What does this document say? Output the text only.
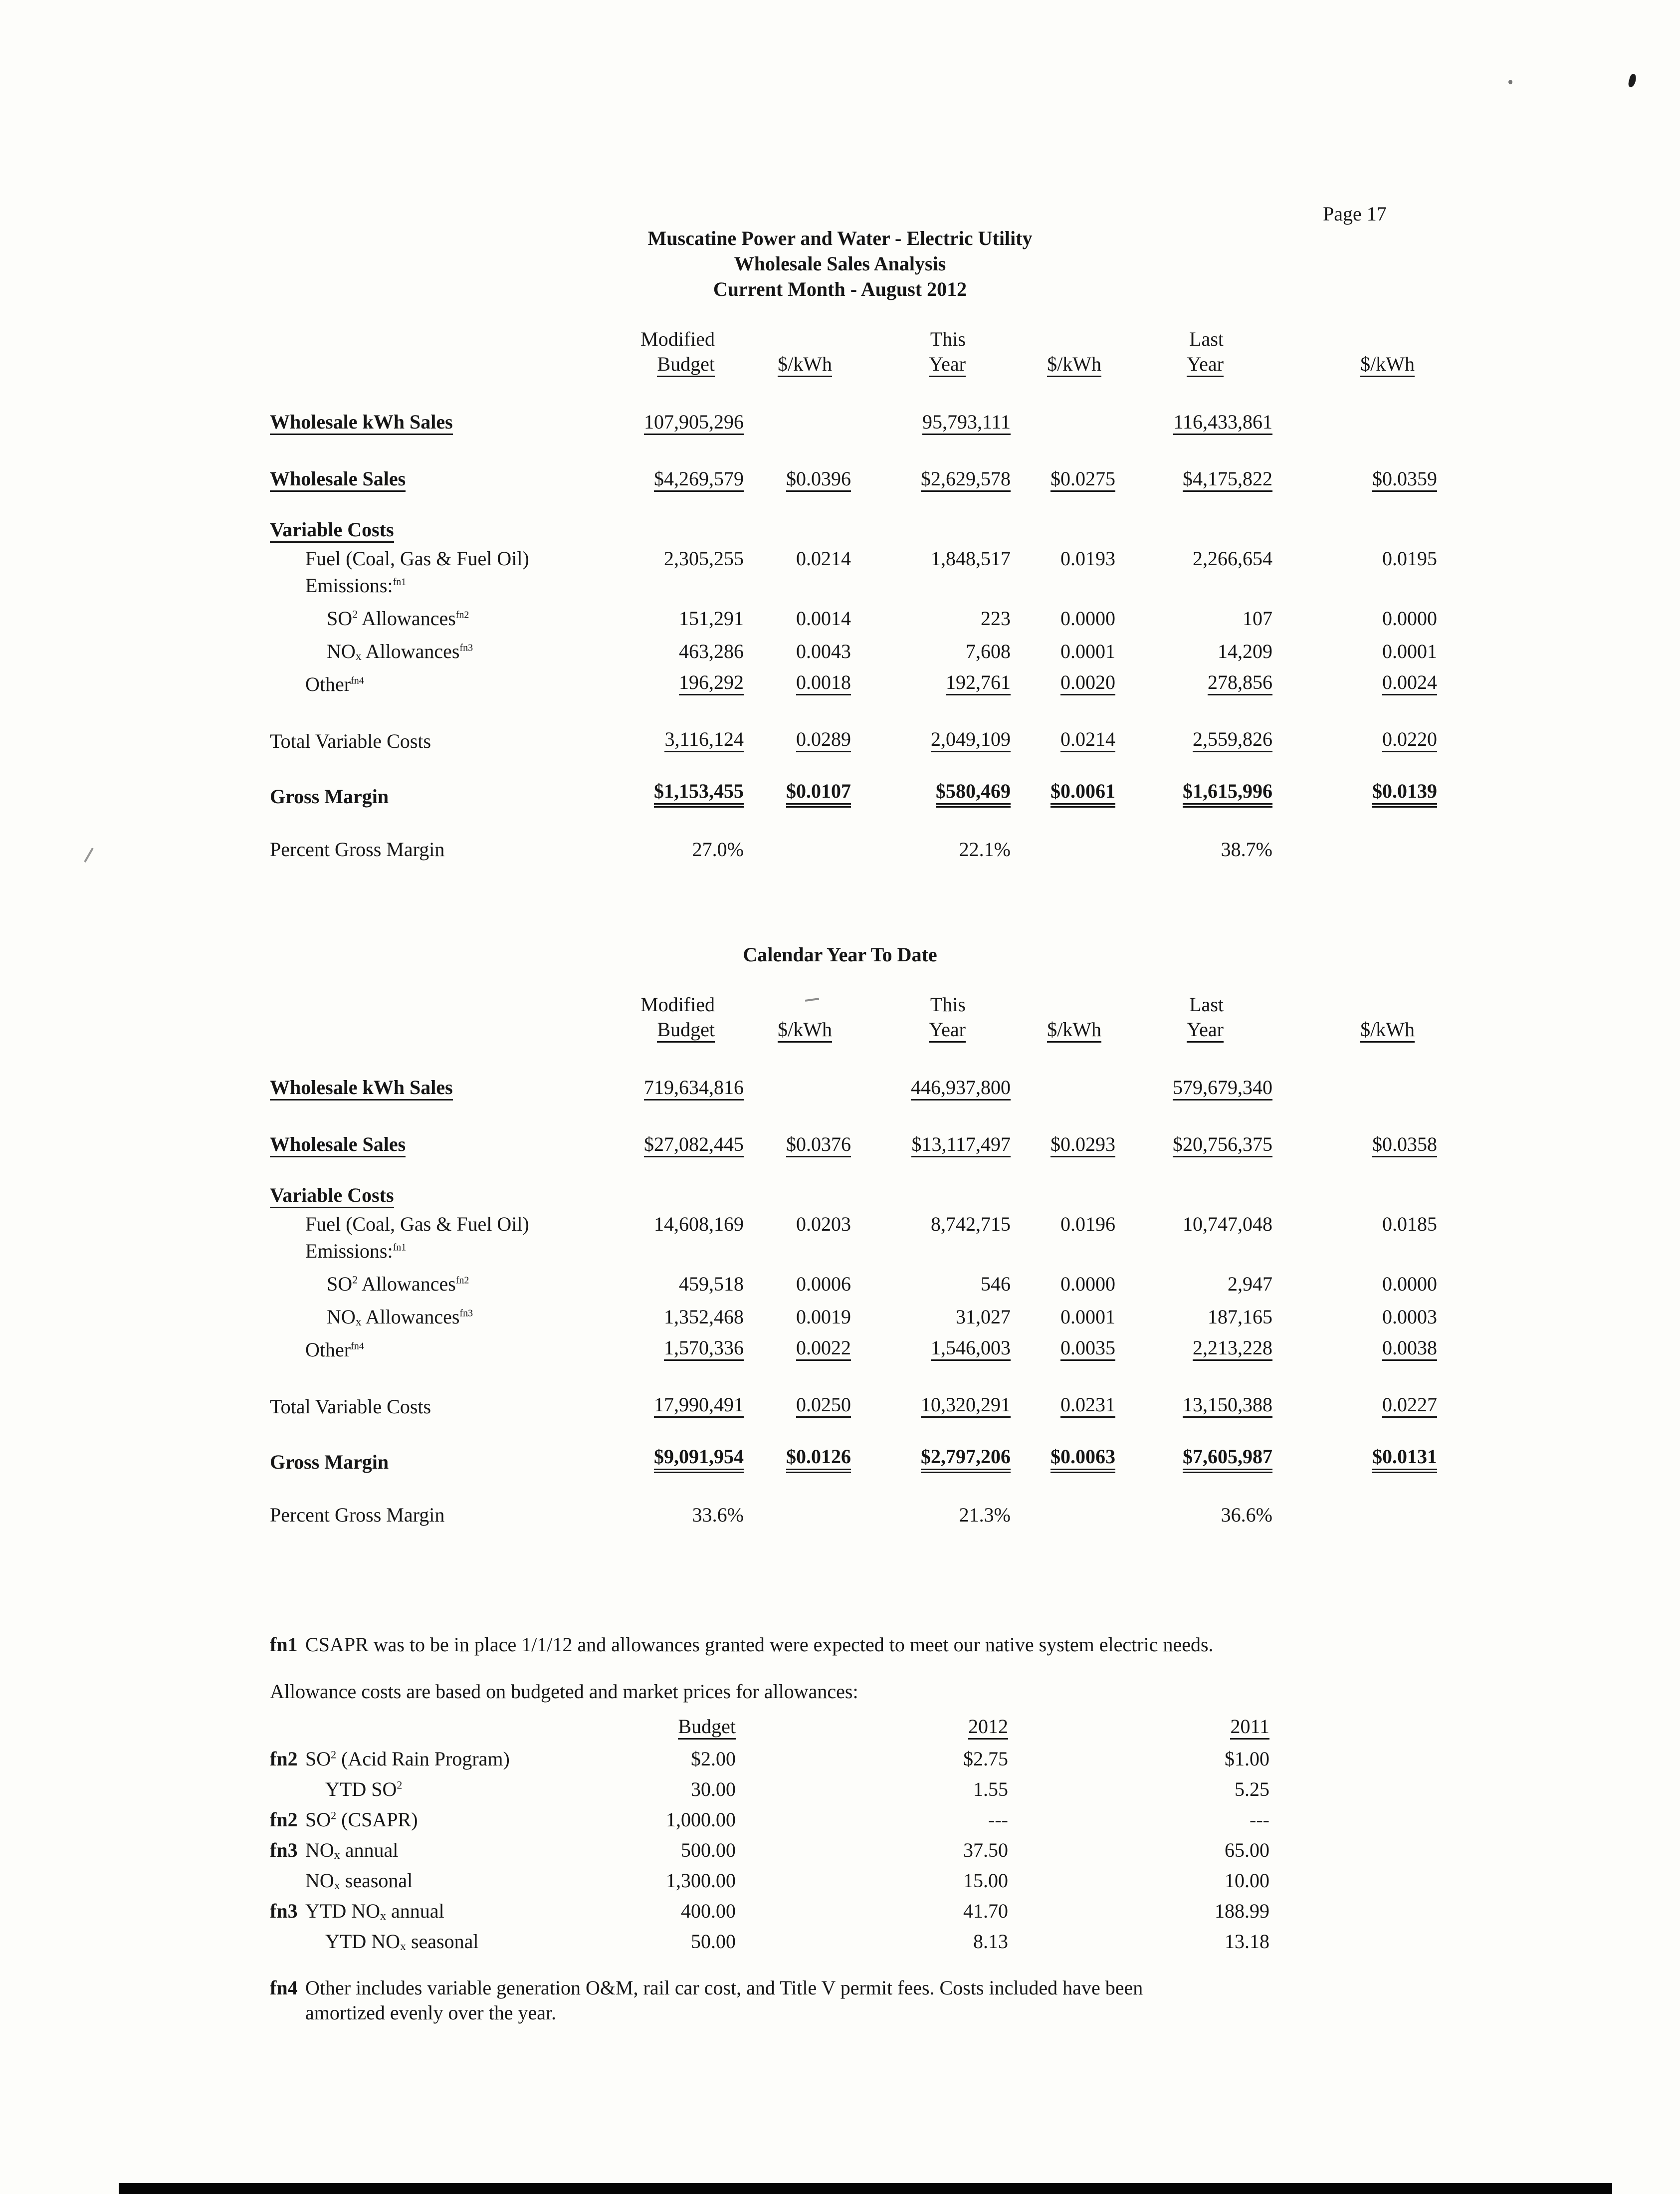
Page 17
Muscatine Power and Water - Electric Utility
Wholesale Sales Analysis
Current Month - August 2012
	Modified		This		Last	
	Budget	$/kWh	Year	$/kWh	Year	$/kWh

Wholesale kWh Sales	107,905,296		95,793,111		116,433,861	

Wholesale Sales	$4,269,579	$0.0396	$2,629,578	$0.0275	$4,175,822	$0.0359

Variable Costs						
Fuel (Coal, Gas & Fuel Oil)	2,305,255	0.0214	1,848,517	0.0193	2,266,654	0.0195
Emissions:$^{fn1}$	
$SO^2$ Allowances$^{fn2}$	151,291	0.0014	223	0.0000	107	0.0000
$NO_x$ Allowances$^{fn3}$	463,286	0.0043	7,608	0.0001	14,209	0.0001
Other$^{fn4}$	196,292	0.0018	192,761	0.0020	278,856	0.0024

Total Variable Costs	3,116,124	0.0289	2,049,109	0.0214	2,559,826	0.0220

Gross Margin	$1,153,455	$0.0107	$580,469	$0.0061	$1,615,996	$0.0139

Percent Gross Margin	27.0%		22.1%		38.7%	
Calendar Year To Date
	Modified		This		Last	
	Budget	$/kWh	Year	$/kWh	Year	$/kWh

Wholesale kWh Sales	719,634,816		446,937,800		579,679,340	

Wholesale Sales	$27,082,445	$0.0376	$13,117,497	$0.0293	$20,756,375	$0.0358

Variable Costs						
Fuel (Coal, Gas & Fuel Oil)	14,608,169	0.0203	8,742,715	0.0196	10,747,048	0.0185
Emissions:$^{fn1}$	
$SO^2$ Allowances$^{fn2}$	459,518	0.0006	546	0.0000	2,947	0.0000
$NO_x$ Allowances$^{fn3}$	1,352,468	0.0019	31,027	0.0001	187,165	0.0003
Other$^{fn4}$	1,570,336	0.0022	1,546,003	0.0035	2,213,228	0.0038

Total Variable Costs	17,990,491	0.0250	10,320,291	0.0231	13,150,388	0.0227

Gross Margin	$9,091,954	$0.0126	$2,797,206	$0.0063	$7,605,987	$0.0131

Percent Gross Margin	33.6%		21.3%		36.6%	
fn1 CSAPR was to be in place 1/1/12 and allowances granted were expected to meet our native system electric needs.
Allowance costs are based on budgeted and market prices for allowances:
		Budget	2012	2011
fn2	$SO^2$ (Acid Rain Program)	$2.00	$2.75	$1.00
	YTD $SO^2$	30.00	1.55	5.25
fn2	$SO^2$ (CSAPR)	1,000.00	---	---
fn3	$NO_x$ annual	500.00	37.50	65.00
	$NO_x$ seasonal	1,300.00	15.00	10.00
fn3	YTD $NO_x$ annual	400.00	41.70	188.99
	YTD $NO_x$ seasonal	50.00	8.13	13.18
fn4 Other includes variable generation O&M, rail car cost, and Title V permit fees. Costs included have been
amortized evenly over the year.
